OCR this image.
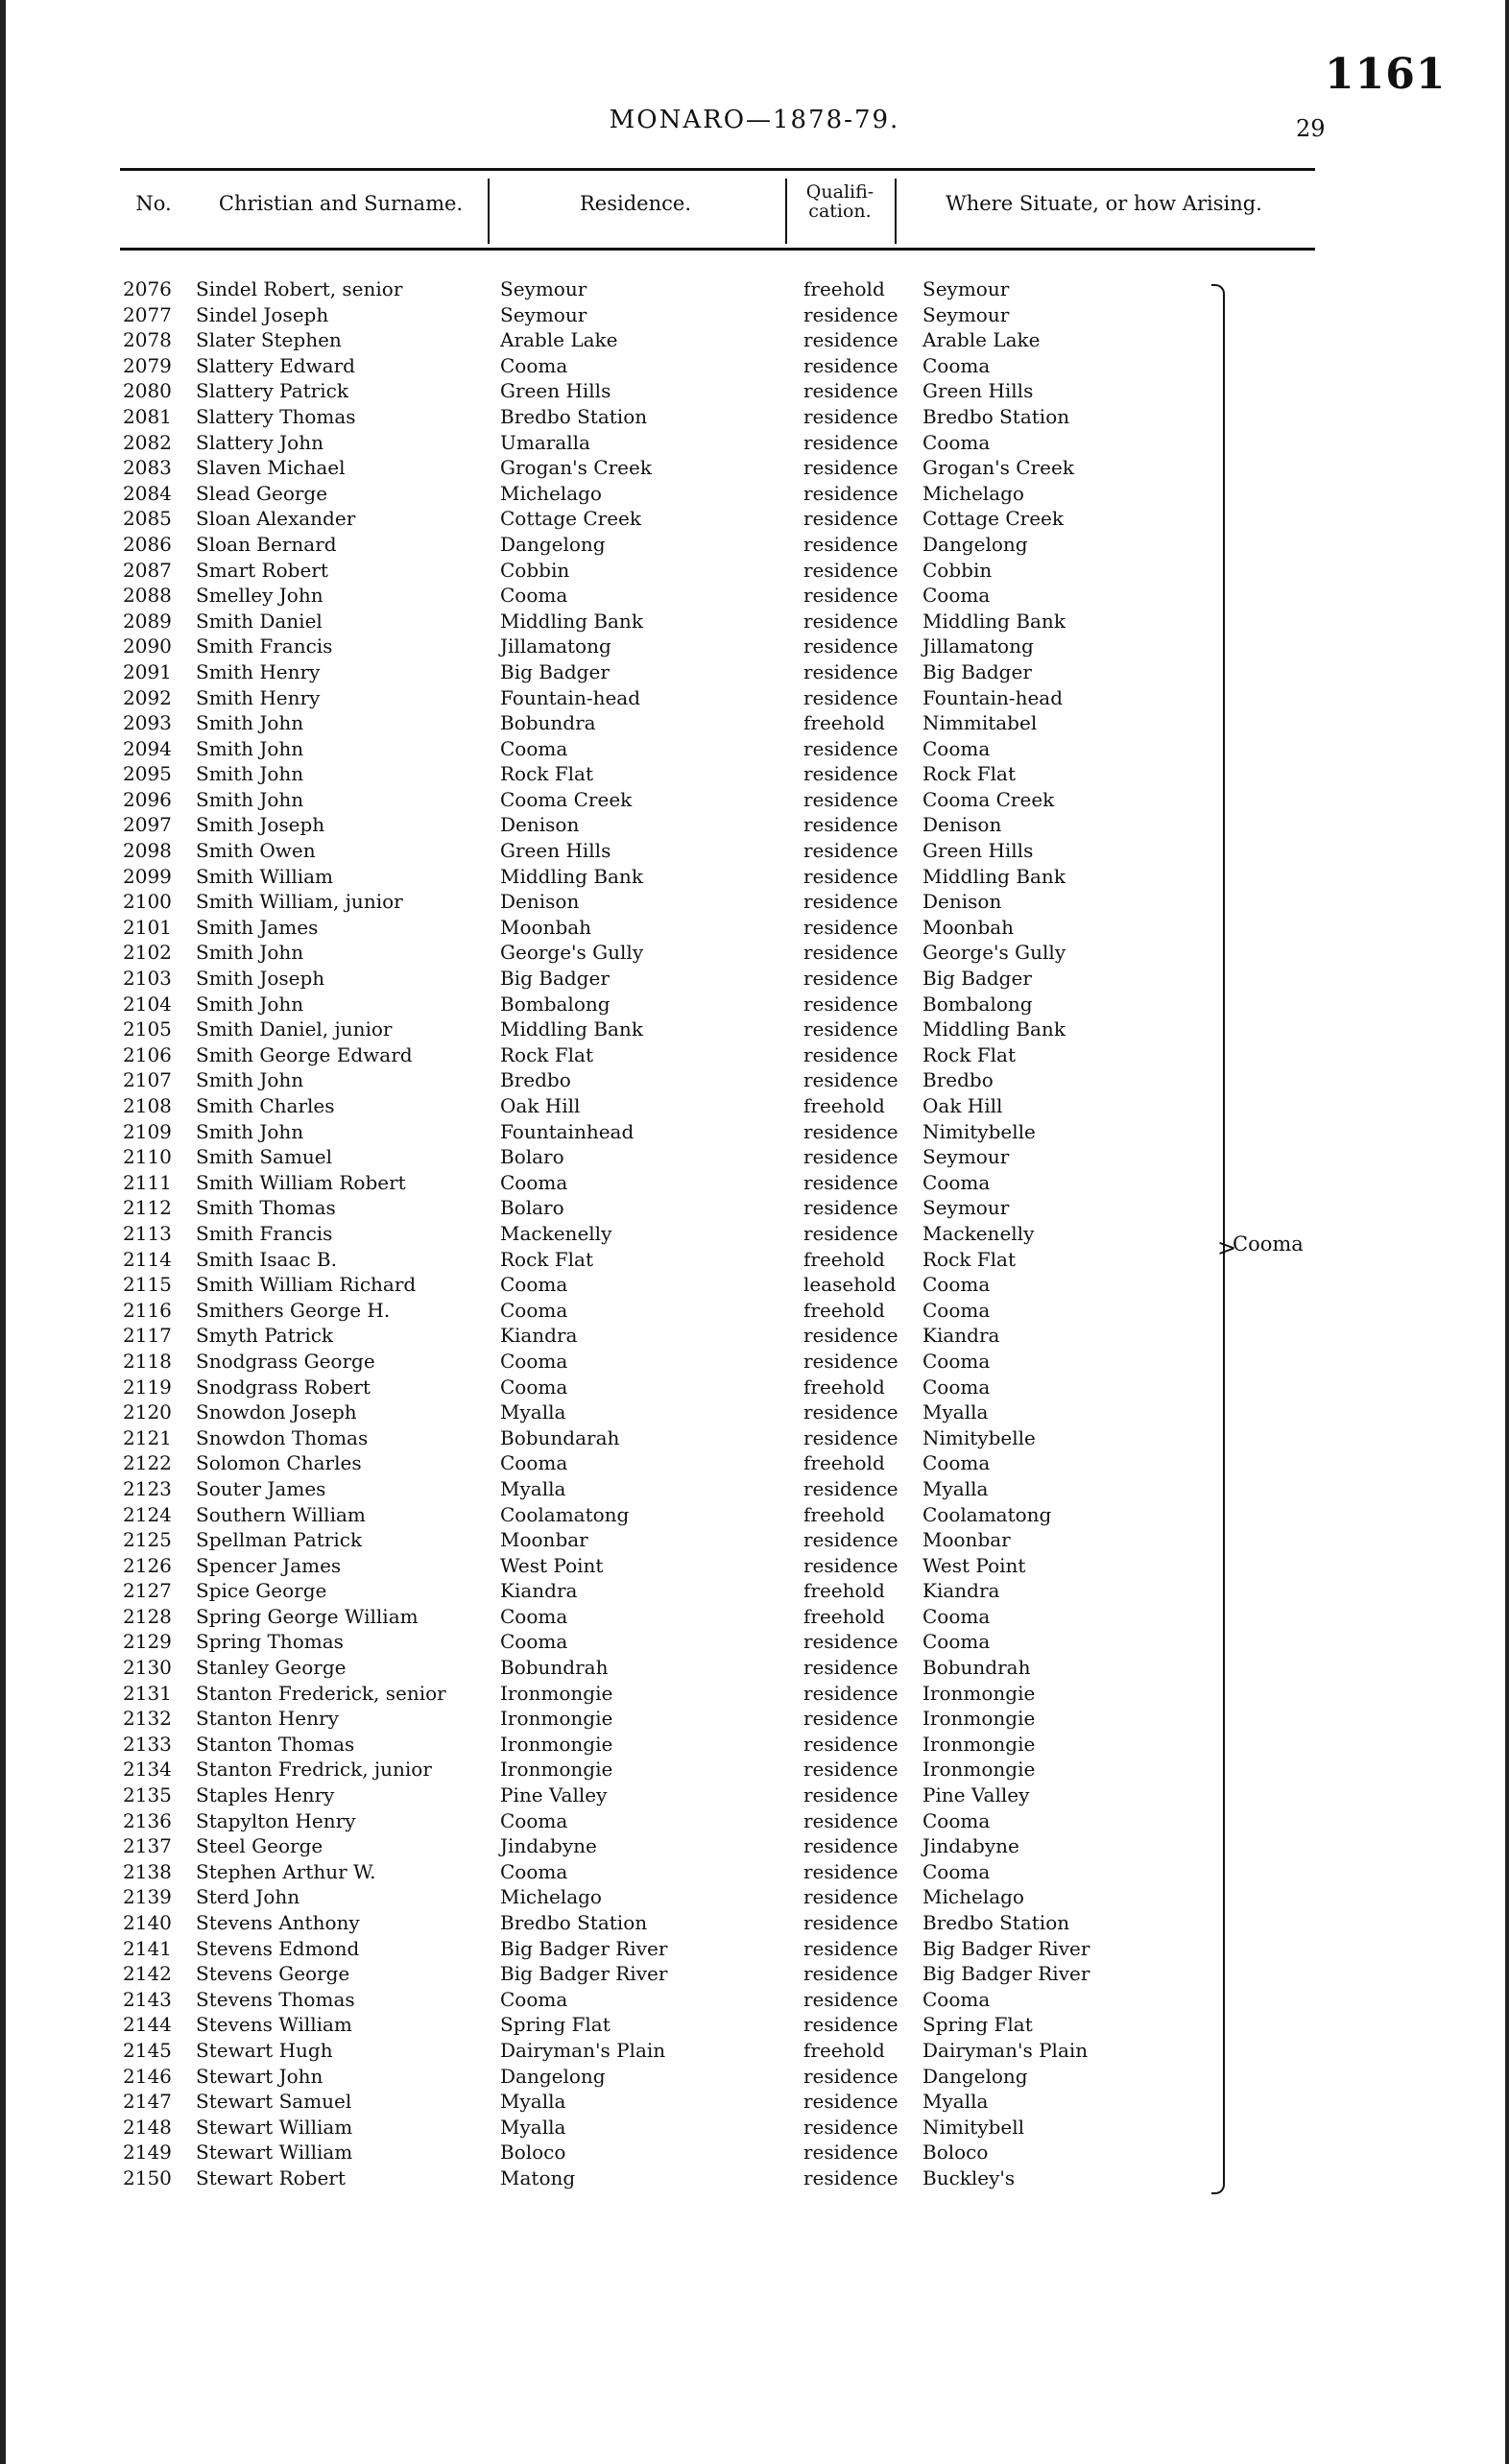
1161
29
MONARO—1878-79.
No.	Christian and Surname.	Residence.	Qualifi-
cation.	Where Situate, or how Arising.
2076 Sindel Robert, senior	Seymour	freehold Seymour
2077 Sindel Joseph	Seymour	residence Seymour
2078 Slater Stephen	Arable Lake	residence Arable Lake
2079 Slattery Edward	Cooma	residence Cooma
2080 Slattery Patrick	Green Hills	residence Green Hills
2081 Slattery Thomas	Bredbo Station	residence Bredbo Station
2082 Slattery John	Umaralla	residence Cooma
2083 Slaven Michael	Grogan's Creek	residence Grogan's Creek
2084 Slead George	Michelago	residence Michelago
2085 Sloan Alexander	Cottage Creek	residence Cottage Creek
2086 Sloan Bernard	Dangelong	residence Dangelong
2087 Smart Robert	Cobbin	residence Cobbin
2088 Smelley John	Cooma	residence Cooma
2089 Smith Daniel	Middling Bank	residence Middling Bank
2090 Smith Francis	Jillamatong	residence Jillamatong
2091 Smith Henry	Big Badger	residence Big Badger
2092 Smith Henry	Fountain-head	residence Fountain-head
2093 Smith John	Bobundra	freehold Nimmitabel
2094 Smith John	Cooma	residence Cooma
2095 Smith John	Rock Flat	residence Rock Flat
2096 Smith John	Cooma Creek	residence Cooma Creek
2097 Smith Joseph	Denison	residence Denison
2098 Smith Owen	Green Hills	residence Green Hills
2099 Smith William	Middling Bank	residence Middling Bank
2100 Smith William, junior	Denison	residence Denison
2101 Smith James	Moonbah	residence Moonbah
2102 Smith John	George's Gully	residence George's Gully
2103 Smith Joseph	Big Badger	residence Big Badger
2104 Smith John	Bombalong	residence Bombalong
2105 Smith Daniel, junior	Middling Bank	residence Middling Bank
2106 Smith George Edward	Rock Flat	residence Rock Flat
2107 Smith John	Bredbo	residence Bredbo
2108 Smith Charles	Oak Hill	freehold Oak Hill
2109 Smith John	Fountainhead	residence Nimitybelle
2110 Smith Samuel	Bolaro	residence Seymour
2111 Smith William Robert	Cooma	residence Cooma
2112 Smith Thomas	Bolaro	residence Seymour
2113 Smith Francis	Mackenelly	residence Mackenelly
2114 Smith Isaac B.	Rock Flat	freehold Rock Flat
2115 Smith William Richard	Cooma	leasehold Cooma
2116 Smithers George H.	Cooma	freehold Cooma
2117 Smyth Patrick	Kiandra	residence Kiandra
2118 Snodgrass George	Cooma	residence Cooma
2119 Snodgrass Robert	Cooma	freehold Cooma
2120 Snowdon Joseph	Myalla	residence Myalla
2121 Snowdon Thomas	Bobundarah	residence Nimitybelle
2122 Solomon Charles	Cooma	freehold Cooma
2123 Souter James	Myalla	residence Myalla
2124 Southern William	Coolamatong	freehold Coolamatong
2125 Spellman Patrick	Moonbar	residence Moonbar
2126 Spencer James	West Point	residence West Point
2127 Spice George	Kiandra	freehold Kiandra
2128 Spring George William	Cooma	freehold Cooma
2129 Spring Thomas	Cooma	residence Cooma
2130 Stanley George	Bobundrah	residence Bobundrah
2131 Stanton Frederick, senior	Ironmongie	residence Ironmongie
2132 Stanton Henry	Ironmongie	residence Ironmongie
2133 Stanton Thomas	Ironmongie	residence Ironmongie
2134 Stanton Fredrick, junior	Ironmongie	residence Ironmongie
2135 Staples Henry	Pine Valley	residence Pine Valley
2136 Stapylton Henry	Cooma	residence Cooma
2137 Steel George	Jindabyne	residence Jindabyne
2138 Stephen Arthur W.	Cooma	residence Cooma
2139 Sterd John	Michelago	residence Michelago
2140 Stevens Anthony	Bredbo Station	residence Bredbo Station
2141 Stevens Edmond	Big Badger River	residence Big Badger River
2142 Stevens George	Big Badger River	residence Big Badger River
2143 Stevens Thomas	Cooma	residence Cooma
2144 Stevens William	Spring Flat	residence Spring Flat
2145 Stewart Hugh	Dairyman's Plain	freehold Dairyman's Plain
2146 Stewart John	Dangelong	residence Dangelong
2147 Stewart Samuel	Myalla	residence Myalla
2148 Stewart William	Myalla	residence Nimitybell
2149 Stewart William	Boloco	residence Boloco
2150 Stewart Robert	Matong	residence Buckley's
>
Cooma
